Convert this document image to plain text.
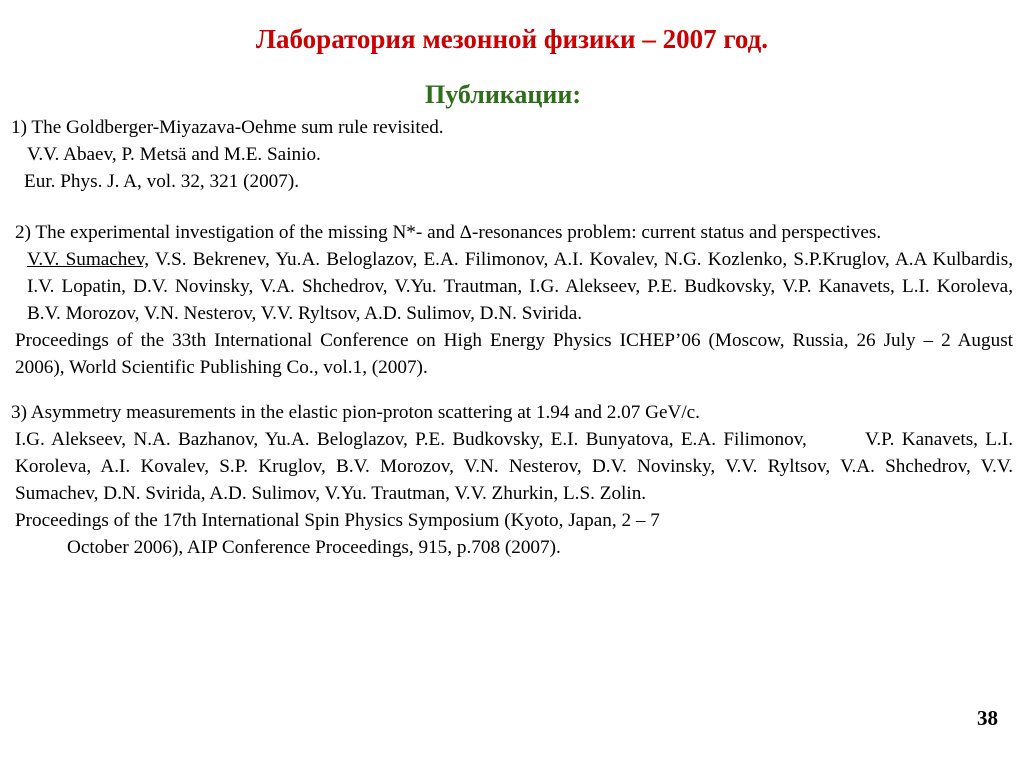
Лаборатория мезонной физики – 2007 год.
Публикации:

1) The Goldberger-Miyazava-Oehme sum rule revisited.

V.V. Abaev, P. Metsä and M.E. Sainio.

Eur. Phys. J. A, vol. 32, 321 (2007).

2) The experimental investigation of the missing N*- and Δ-resonances problem: current status and perspectives.

V.V. Sumachev, V.S. Bekrenev, Yu.A. Beloglazov, E.A. Filimonov, A.I. Kovalev, N.G. Kozlenko, S.P.Kruglov, A.A Kulbardis, I.V. Lopatin, D.V. Novinsky, V.A. Shchedrov, V.Yu. Trautman, I.G. Alekseev, P.E. Budkovsky, V.P. Kanavets, L.I. Koroleva, B.V. Morozov, V.N. Nesterov, V.V. Ryltsov, A.D. Sulimov, D.N. Svirida.

Proceedings of the 33th International Conference on High Energy Physics ICHEP’06 (Moscow, Russia, 26 July – 2 August 2006), World Scientific Publishing Co., vol.1, (2007).

3) Asymmetry measurements in the elastic pion-proton scattering at 1.94 and 2.07 GeV/c.

I.G. Alekseev, N.A. Bazhanov, Yu.A. Beloglazov, P.E. Budkovsky, E.I. Bunyatova, E.A. Filimonov,        V.P. Kanavets, L.I. Koroleva, A.I. Kovalev, S.P. Kruglov, B.V. Morozov, V.N. Nesterov, D.V. Novinsky, V.V. Ryltsov, V.A. Shchedrov, V.V. Sumachev, D.N. Svirida, A.D. Sulimov, V.Yu. Trautman, V.V. Zhurkin, L.S. Zolin.

Proceedings of the 17th International Spin Physics Symposium (Kyoto, Japan, 2 – 7

October 2006), AIP Conference Proceedings, 915, p.708 (2007).

38
